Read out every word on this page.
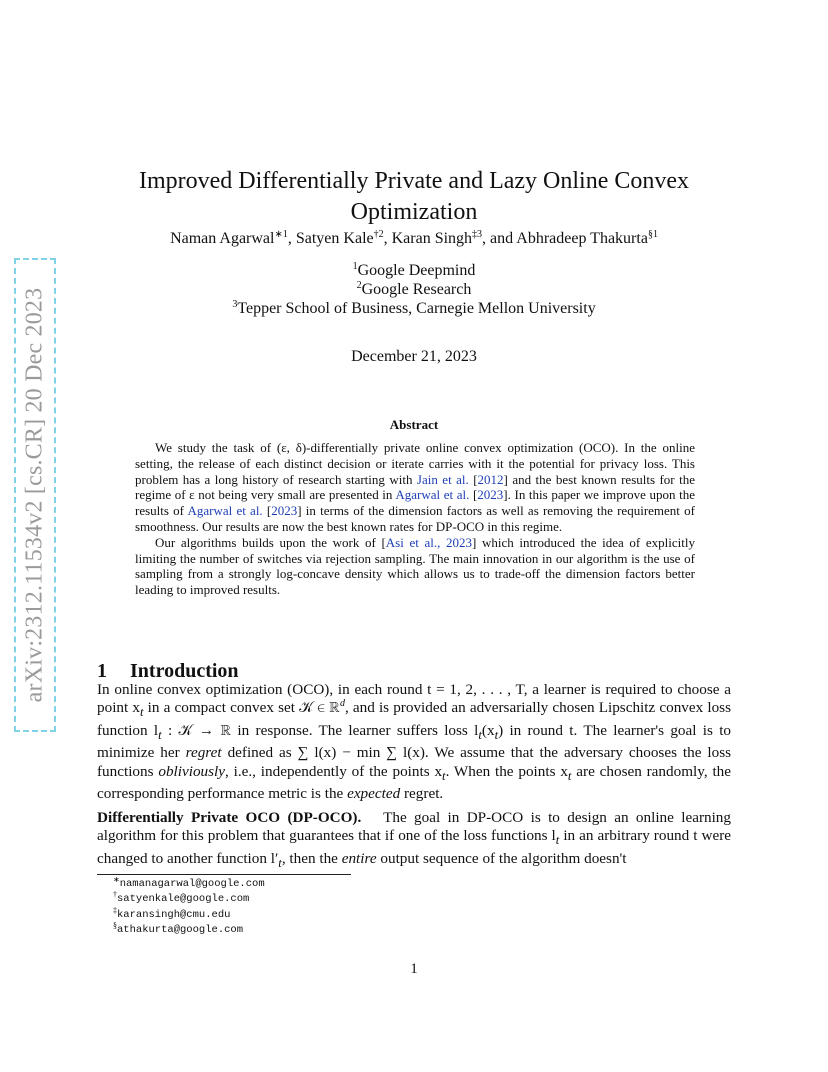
arXiv:2312.11534v2 [cs.CR] 20 Dec 2023
Improved Differentially Private and Lazy Online Convex Optimization
Naman Agarwal$^{∗1}$, Satyen Kale$^{\dagger 2}$, Karan Singh$^{\ddagger 3}$, and Abhradeep Thakurta$^{\S 1}$
$^1$Google Deepmind
$^2$Google Research
$^3$Tepper School of Business, Carnegie Mellon University
December 21, 2023
Abstract

We study the task of (ε, δ)-differentially private online convex optimization (OCO). In the online setting, the release of each distinct decision or iterate carries with it the potential for privacy loss. This problem has a long history of research starting with Jain et al. [2012] and the best known results for the regime of ε not being very small are presented in Agarwal et al. [2023]. In this paper we improve upon the results of Agarwal et al. [2023] in terms of the dimension factors as well as removing the requirement of smoothness. Our results are now the best known rates for DP-OCO in this regime.

Our algorithms builds upon the work of [Asi et al., 2023] which introduced the idea of explicitly limiting the number of switches via rejection sampling. The main innovation in our algorithm is the use of sampling from a strongly log-concave density which allows us to trade-off the dimension factors better leading to improved results.

1 Introduction
In online convex optimization (OCO), in each round t = 1, 2, . . . , T, a learner is required to choose a point $x_t$ in a compact convex set 𝒦 ∈ ℝ$^d$, and is provided an adversarially chosen Lipschitz convex loss function $l_t$ : 𝒦 → ℝ in response. The learner suffers loss $l_t(x_t)$ in round t. The learner's goal is to minimize her regret defined as ∑ l(x) − min ∑ l(x). We assume that the adversary chooses the loss functions obliviously, i.e., independently of the points $x_t$. When the points $x_t$ are chosen randomly, the corresponding performance metric is the expected regret.
Differentially Private OCO (DP-OCO). The goal in DP-OCO is to design an online learning algorithm for this problem that guarantees that if one of the loss functions $l_t$ in an arbitrary round t were changed to another function $l'_t$, then the entire output sequence of the algorithm doesn't
∗namanagarwal@google.com
†satyenkale@google.com
‡karansingh@cmu.edu
§athakurta@google.com
1
